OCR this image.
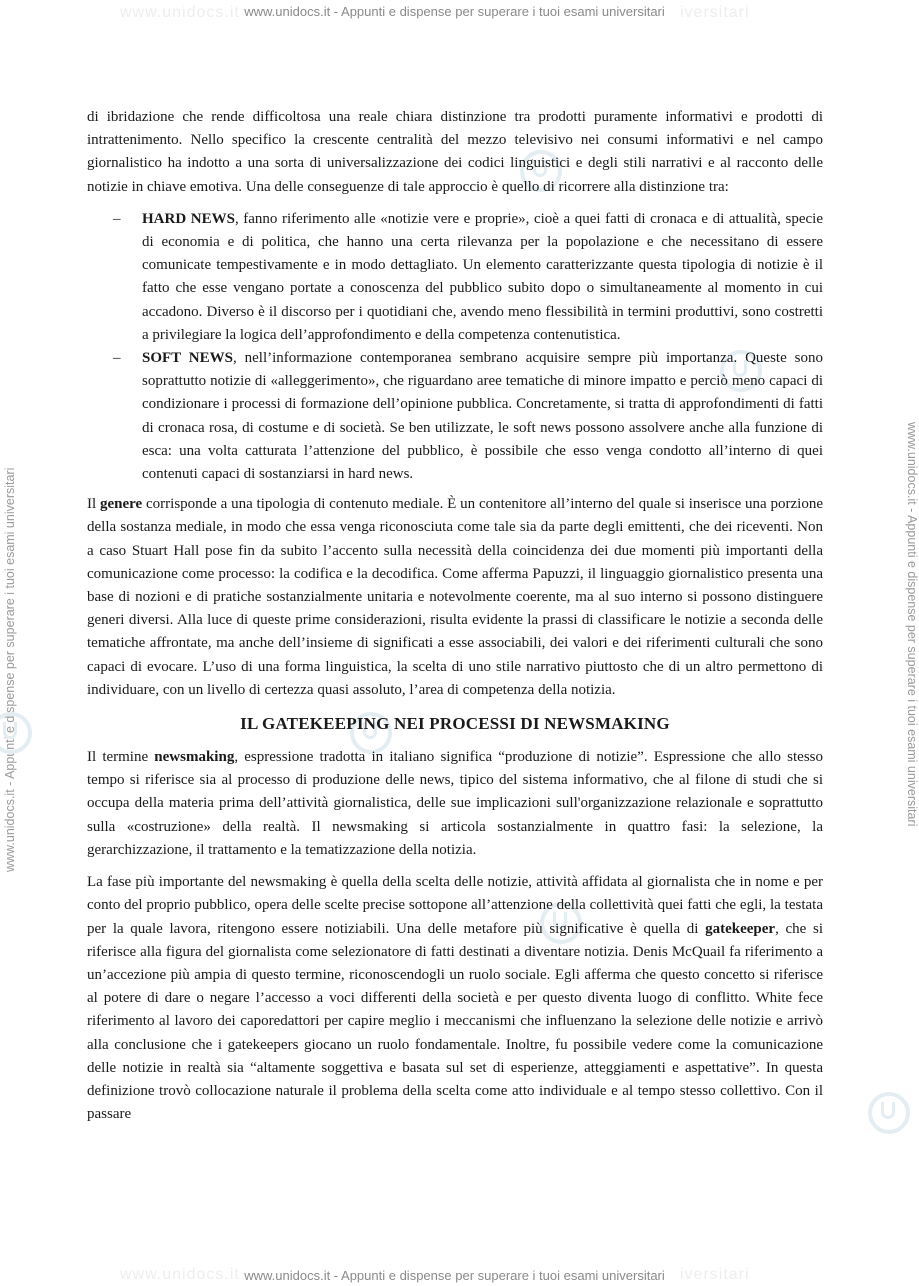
www.unidocs.it	iversitari
www.unidocs.it - Appunti e dispense per superare i tuoi esami universitari
www.unidocs.it - Appunti e dispense per superare i tuoi esami universitari	www.unidocs.it - Appunti e dispense per superare i tuoi esami universitari

di ibridazione che rende difficoltosa una reale chiara distinzione tra prodotti puramente informativi e prodotti di intrattenimento. Nello specifico la crescente centralità del mezzo televisivo nei consumi informativi e nel campo giornalistico ha indotto a una sorta di universalizzazione dei codici linguistici e degli stili narrativi e al racconto delle notizie in chiave emotiva. Una delle conseguenze di tale approccio è quello di ricorrere alla distinzione tra:

– HARD NEWS, fanno riferimento alle «notizie vere e proprie», cioè a quei fatti di cronaca e di attualità, specie di economia e di politica, che hanno una certa rilevanza per la popolazione e che necessitano di essere comunicate tempestivamente e in modo dettagliato. Un elemento caratterizzante questa tipologia di notizie è il fatto che esse vengano portate a conoscenza del pubblico subito dopo o simultaneamente al momento in cui accadono. Diverso è il discorso per i quotidiani che, avendo meno flessibilità in termini produttivi, sono costretti a privilegiare la logica dell’approfondimento e della competenza contenutistica.
– SOFT NEWS, nell’informazione contemporanea sembrano acquisire sempre più importanza. Queste sono soprattutto notizie di «alleggerimento», che riguardano aree tematiche di minore impatto e perciò meno capaci di condizionare i processi di formazione dell’opinione pubblica. Concretamente, si tratta di approfondimenti di fatti di cronaca rosa, di costume e di società. Se ben utilizzate, le soft news possono assolvere anche alla funzione di esca: una volta catturata l’attenzione del pubblico, è possibile che esso venga condotto all’interno di quei contenuti capaci di sostanziarsi in hard news.

Il genere corrisponde a una tipologia di contenuto mediale. È un contenitore all’interno del quale si inserisce una porzione della sostanza mediale, in modo che essa venga riconosciuta come tale sia da parte degli emittenti, che dei riceventi. Non a caso Stuart Hall pose fin da subito l’accento sulla necessità della coincidenza dei due momenti più importanti della comunicazione come processo: la codifica e la decodifica. Come afferma Papuzzi, il linguaggio giornalistico presenta una base di nozioni e di pratiche sostanzialmente unitaria e notevolmente coerente, ma al suo interno si possono distinguere generi diversi. Alla luce di queste prime considerazioni, risulta evidente la prassi di classificare le notizie a seconda delle tematiche affrontate, ma anche dell’insieme di significati a esse associabili, dei valori e dei riferimenti culturali che sono capaci di evocare. L’uso di una forma linguistica, la scelta di uno stile narrativo piuttosto che di un altro permettono di individuare, con un livello di certezza quasi assoluto, l’area di competenza della notizia.

IL GATEKEEPING NEI PROCESSI DI NEWSMAKING

Il termine newsmaking, espressione tradotta in italiano significa “produzione di notizie”. Espressione che allo stesso tempo si riferisce sia al processo di produzione delle news, tipico del sistema informativo, che al filone di studi che si occupa della materia prima dell’attività giornalistica, delle sue implicazioni sull'organizzazione relazionale e soprattutto sulla «costruzione» della realtà. Il newsmaking si articola sostanzialmente in quattro fasi: la selezione, la gerarchizzazione, il trattamento e la tematizzazione della notizia.

La fase più importante del newsmaking è quella della scelta delle notizie, attività affidata al giornalista che in nome e per conto del proprio pubblico, opera delle scelte precise sottopone all’attenzione della collettività quei fatti che egli, la testata per la quale lavora, ritengono essere notiziabili. Una delle metafore più significative è quella di gatekeeper, che si riferisce alla figura del giornalista come selezionatore di fatti destinati a diventare notizia. Denis McQuail fa riferimento a un’accezione più ampia di questo termine, riconoscendogli un ruolo sociale. Egli afferma che questo concetto si riferisce al potere di dare o negare l’accesso a voci differenti della società e per questo diventa luogo di conflitto. White fece riferimento al lavoro dei caporedattori per capire meglio i meccanismi che influenzano la selezione delle notizie e arrivò alla conclusione che i gatekeepers giocano un ruolo fondamentale. Inoltre, fu possibile vedere come la comunicazione delle notizie in realtà sia “altamente soggettiva e basata sul set di esperienze, atteggiamenti e aspettative”. In questa definizione trovò collocazione naturale il problema della scelta come atto individuale e al tempo stesso collettivo. Con il passare

www.unidocs.it	iversitari
www.unidocs.it - Appunti e dispense per superare i tuoi esami universitari
